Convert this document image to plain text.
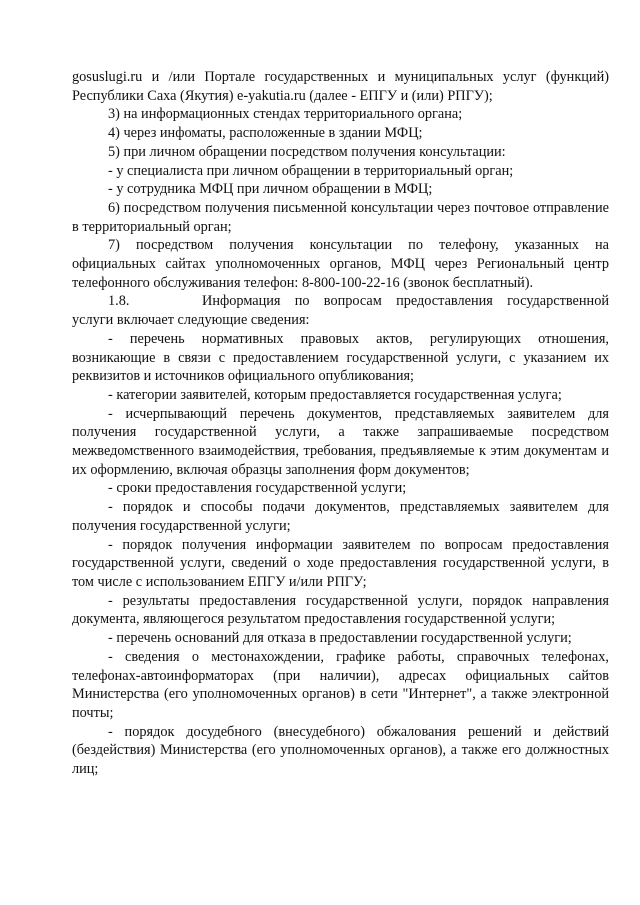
gosuslugi.ru и /или Портале государственных и муниципальных услуг (функций) Республики Саха (Якутия) e-yakutia.ru (далее - ЕПГУ и (или) РПГУ);

3) на информационных стендах территориального органа;

4) через инфоматы, расположенные в здании МФЦ;

5) при личном обращении посредством получения консультации:

- у специалиста при личном обращении в территориальный орган;

- у сотрудника МФЦ при личном обращении в МФЦ;

6) посредством получения письменной консультации через почтовое отправление в территориальный орган;

7) посредством получения консультации по телефону, указанных на официальных сайтах уполномоченных органов, МФЦ через Региональный центр телефонного обслуживания телефон: 8-800-100-22-16 (звонок бесплатный).

1.8.	Информация по вопросам предоставления государственной услуги включает следующие сведения:

- перечень нормативных правовых актов, регулирующих отношения, возникающие в связи с предоставлением государственной услуги, с указанием их реквизитов и источников официального опубликования;

- категории заявителей, которым предоставляется государственная услуга;

- исчерпывающий перечень документов, представляемых заявителем для получения государственной услуги, а также запрашиваемые посредством межведомственного взаимодействия, требования, предъявляемые к этим документам и их оформлению, включая образцы заполнения форм документов;

- сроки предоставления государственной услуги;

- порядок и способы подачи документов, представляемых заявителем для получения государственной услуги;

- порядок получения информации заявителем по вопросам предоставления государственной услуги, сведений о ходе предоставления государственной услуги, в том числе с использованием ЕПГУ и/или РПГУ;

- результаты предоставления государственной услуги, порядок направления документа, являющегося результатом предоставления государственной услуги;

- перечень оснований для отказа в предоставлении государственной услуги;

- сведения о местонахождении, графике работы, справочных телефонах, телефонах-автоинформаторах (при наличии), адресах официальных сайтов Министерства (его уполномоченных органов) в сети "Интернет", а также электронной почты;

- порядок досудебного (внесудебного) обжалования решений и действий (бездействия) Министерства (его уполномоченных органов), а также его должностных лиц;
